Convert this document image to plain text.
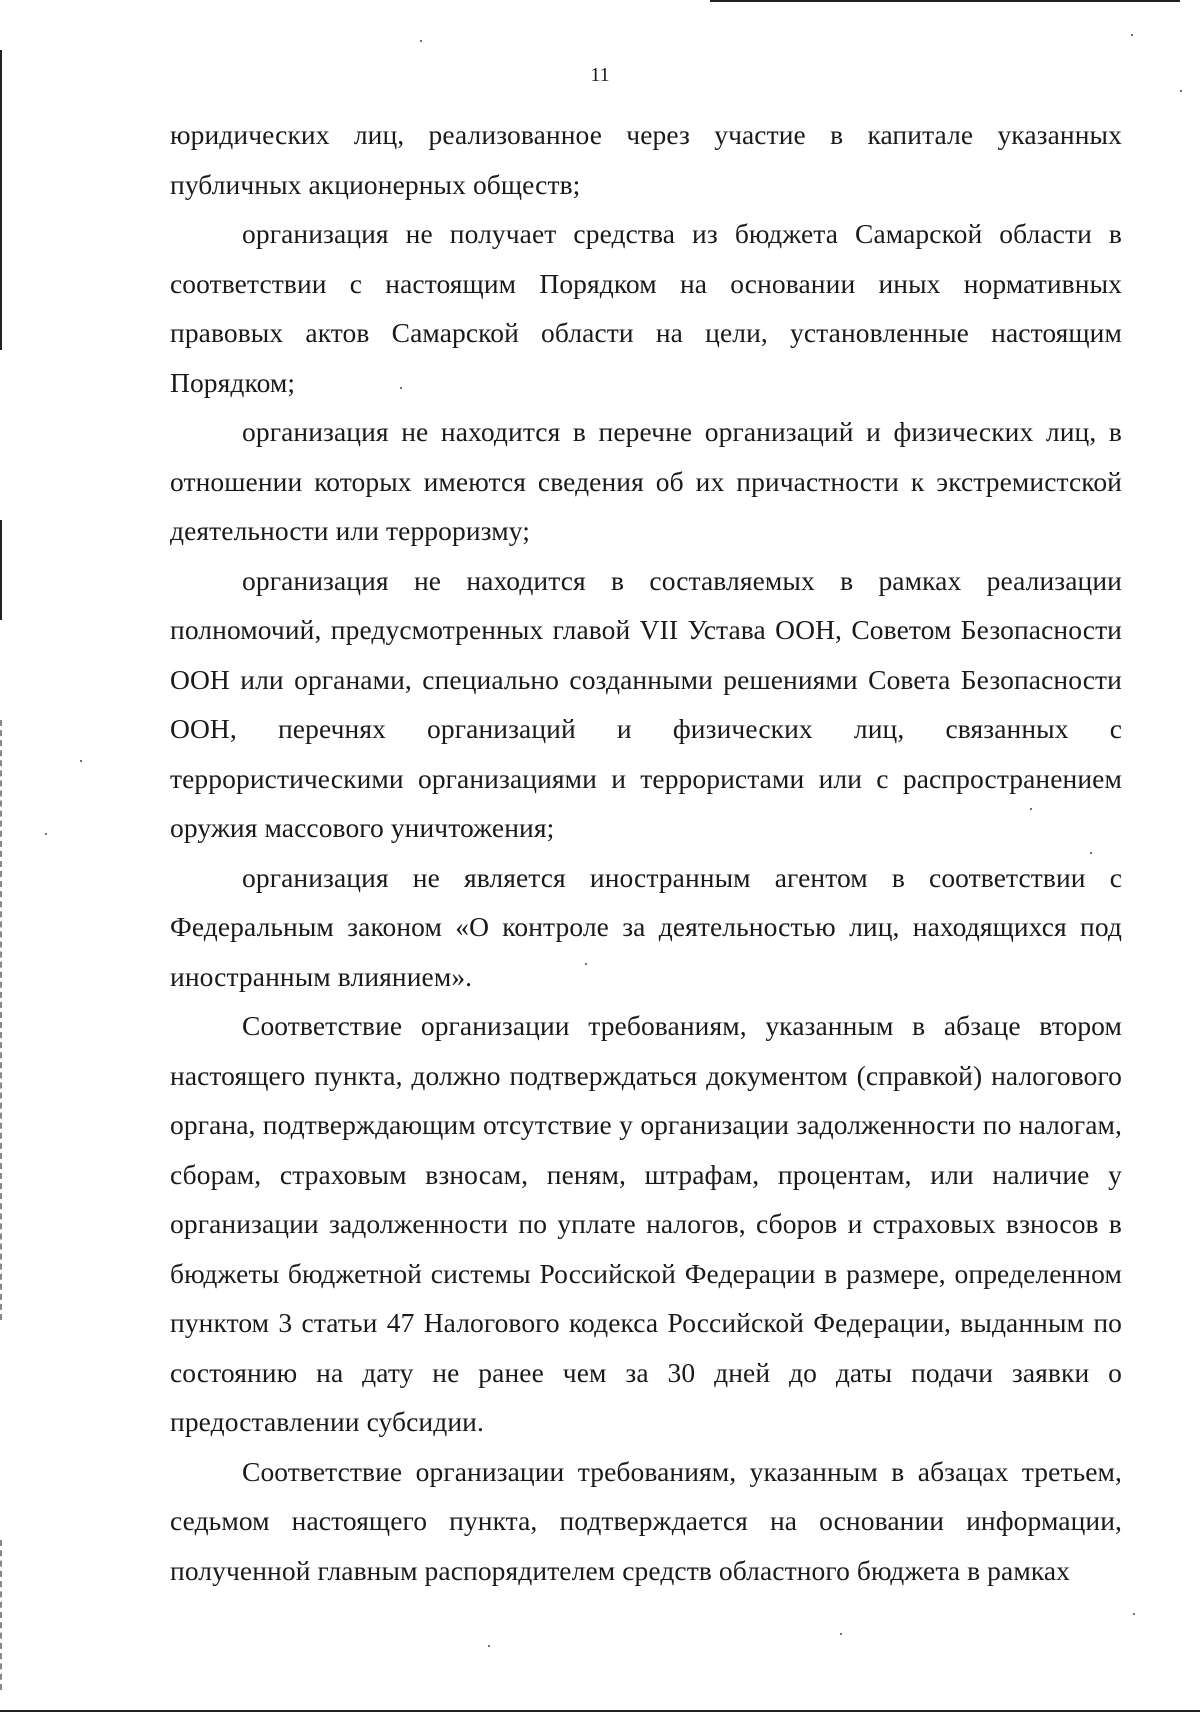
11

юридических лиц, реализованное через участие в капитале указанных публичных акционерных обществ;

организация не получает средства из бюджета Самарской области в соответствии с настоящим Порядком на основании иных нормативных правовых актов Самарской области на цели, установленные настоящим Порядком;

организация не находится в перечне организаций и физических лиц, в отношении которых имеются сведения об их причастности к экстремистской деятельности или терроризму;

организация не находится в составляемых в рамках реализации полномочий, предусмотренных главой VII Устава ООН, Советом Безопасности ООН или органами, специально созданными решениями Совета Безопасности ООН, перечнях организаций и физических лиц, связанных с террористическими организациями и террористами или с распространением оружия массового уничтожения;

организация не является иностранным агентом в соответствии с Федеральным законом «О контроле за деятельностью лиц, находящихся под иностранным влиянием».

Соответствие организации требованиям, указанным в абзаце втором настоящего пункта, должно подтверждаться документом (справкой) налогового органа, подтверждающим отсутствие у организации задолженности по налогам, сборам, страховым взносам, пеням, штрафам, процентам, или наличие у организации задолженности по уплате налогов, сборов и страховых взносов в бюджеты бюджетной системы Российской Федерации в размере, определенном пунктом 3 статьи 47 Налогового кодекса Российской Федерации, выданным по состоянию на дату не ранее чем за 30 дней до даты подачи заявки о предоставлении субсидии.

Соответствие организации требованиям, указанным в абзацах третьем, седьмом настоящего пункта, подтверждается на основании информации, полученной главным распорядителем средств областного бюджета в рамках
